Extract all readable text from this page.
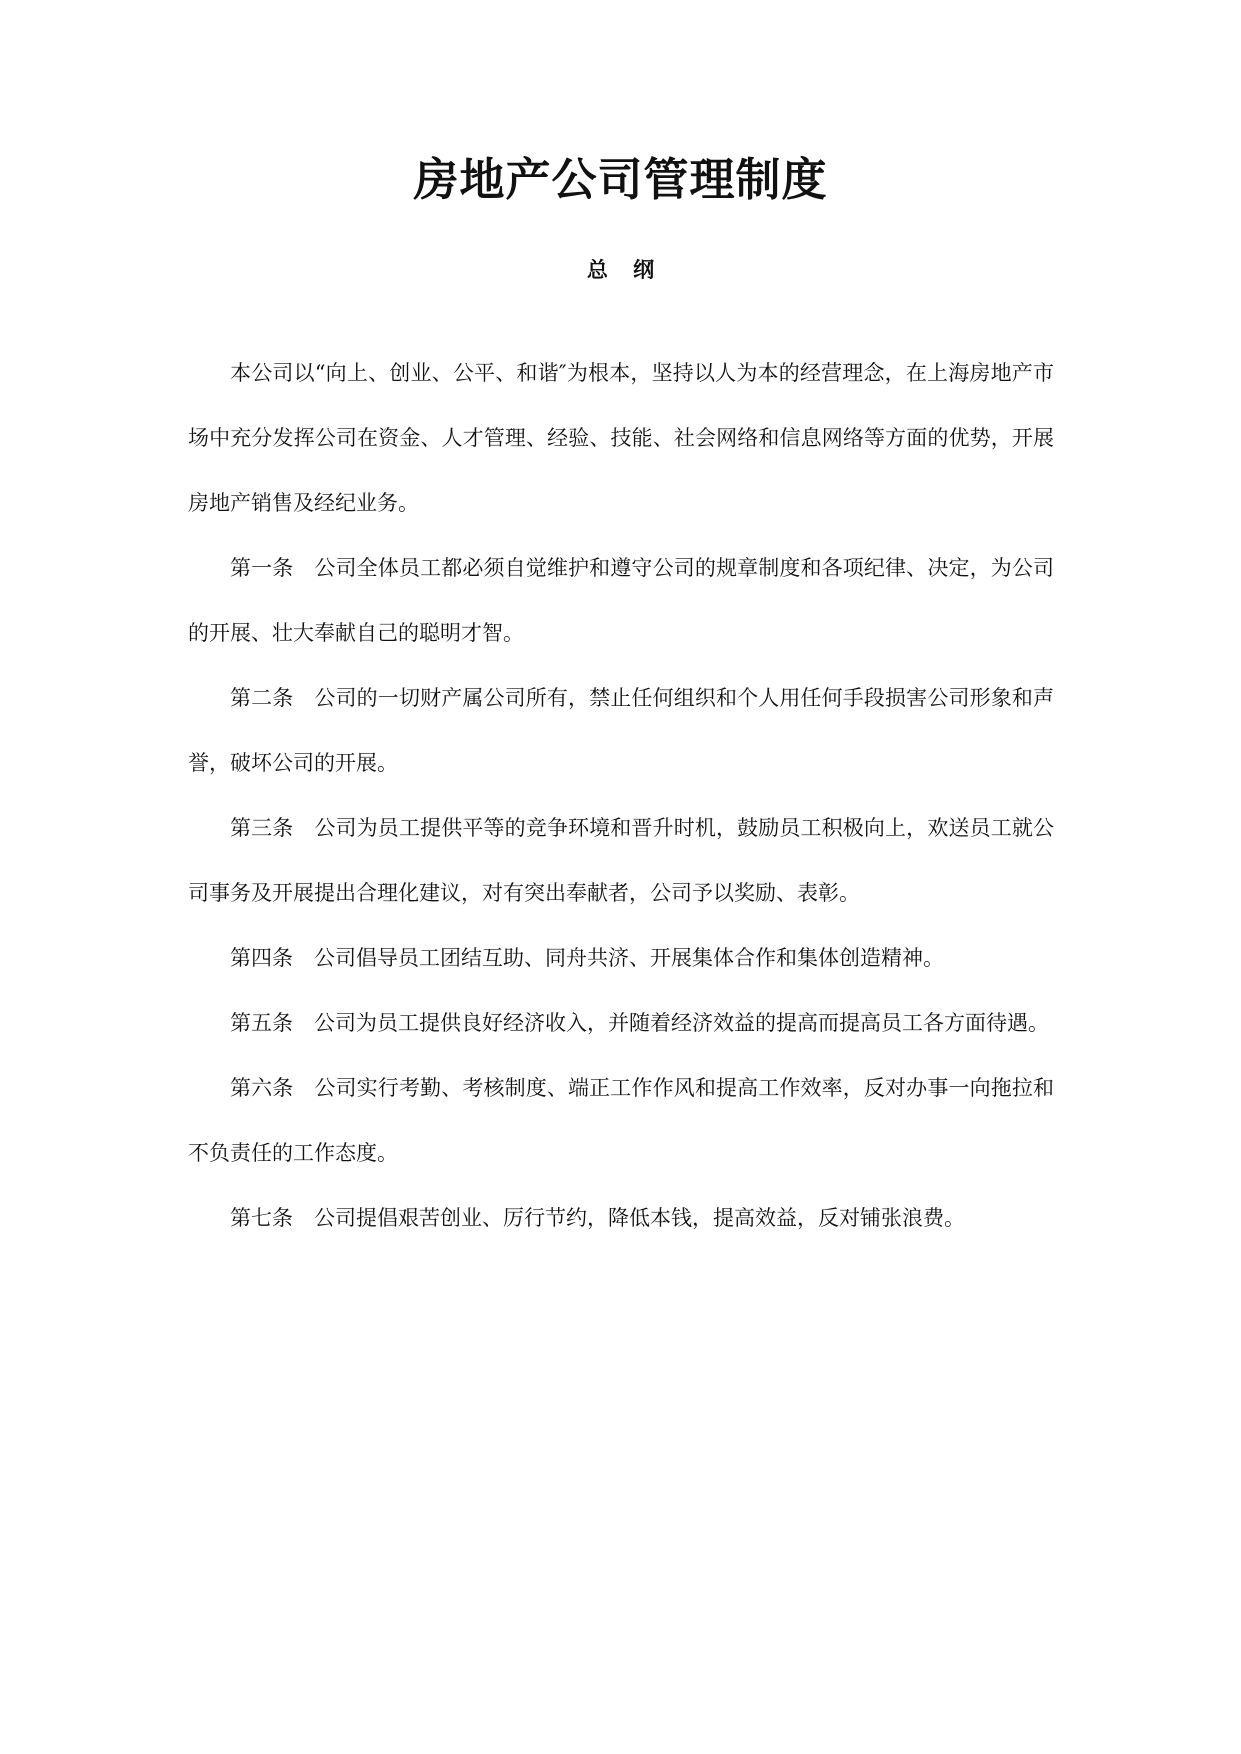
房地产公司管理制度
总 纲

本公司以“向上、创业、公平、和谐″为根本，坚持以人为本的经营理念，在上海房地产市场中充分发挥公司在资金、人才管理、经验、技能、社会网络和信息网络等方面的优势，开展房地产销售及经纪业务。

第一条 公司全体员工都必须自觉维护和遵守公司的规章制度和各项纪律、决定，为公司的开展、壮大奉献自己的聪明才智。

第二条 公司的一切财产属公司所有，禁止任何组织和个人用任何手段损害公司形象和声誉，破坏公司的开展。

第三条 公司为员工提供平等的竞争环境和晋升时机，鼓励员工积极向上，欢送员工就公司事务及开展提出合理化建议，对有突出奉献者，公司予以奖励、表彰。

第四条 公司倡导员工团结互助、同舟共济、开展集体合作和集体创造精神。

第五条 公司为员工提供良好经济收入，并随着经济效益的提高而提高员工各方面待遇。

第六条 公司实行考勤、考核制度、端正工作作风和提高工作效率，反对办事一向拖拉和不负责任的工作态度。

第七条 公司提倡艰苦创业、厉行节约，降低本钱，提高效益，反对铺张浪费。
